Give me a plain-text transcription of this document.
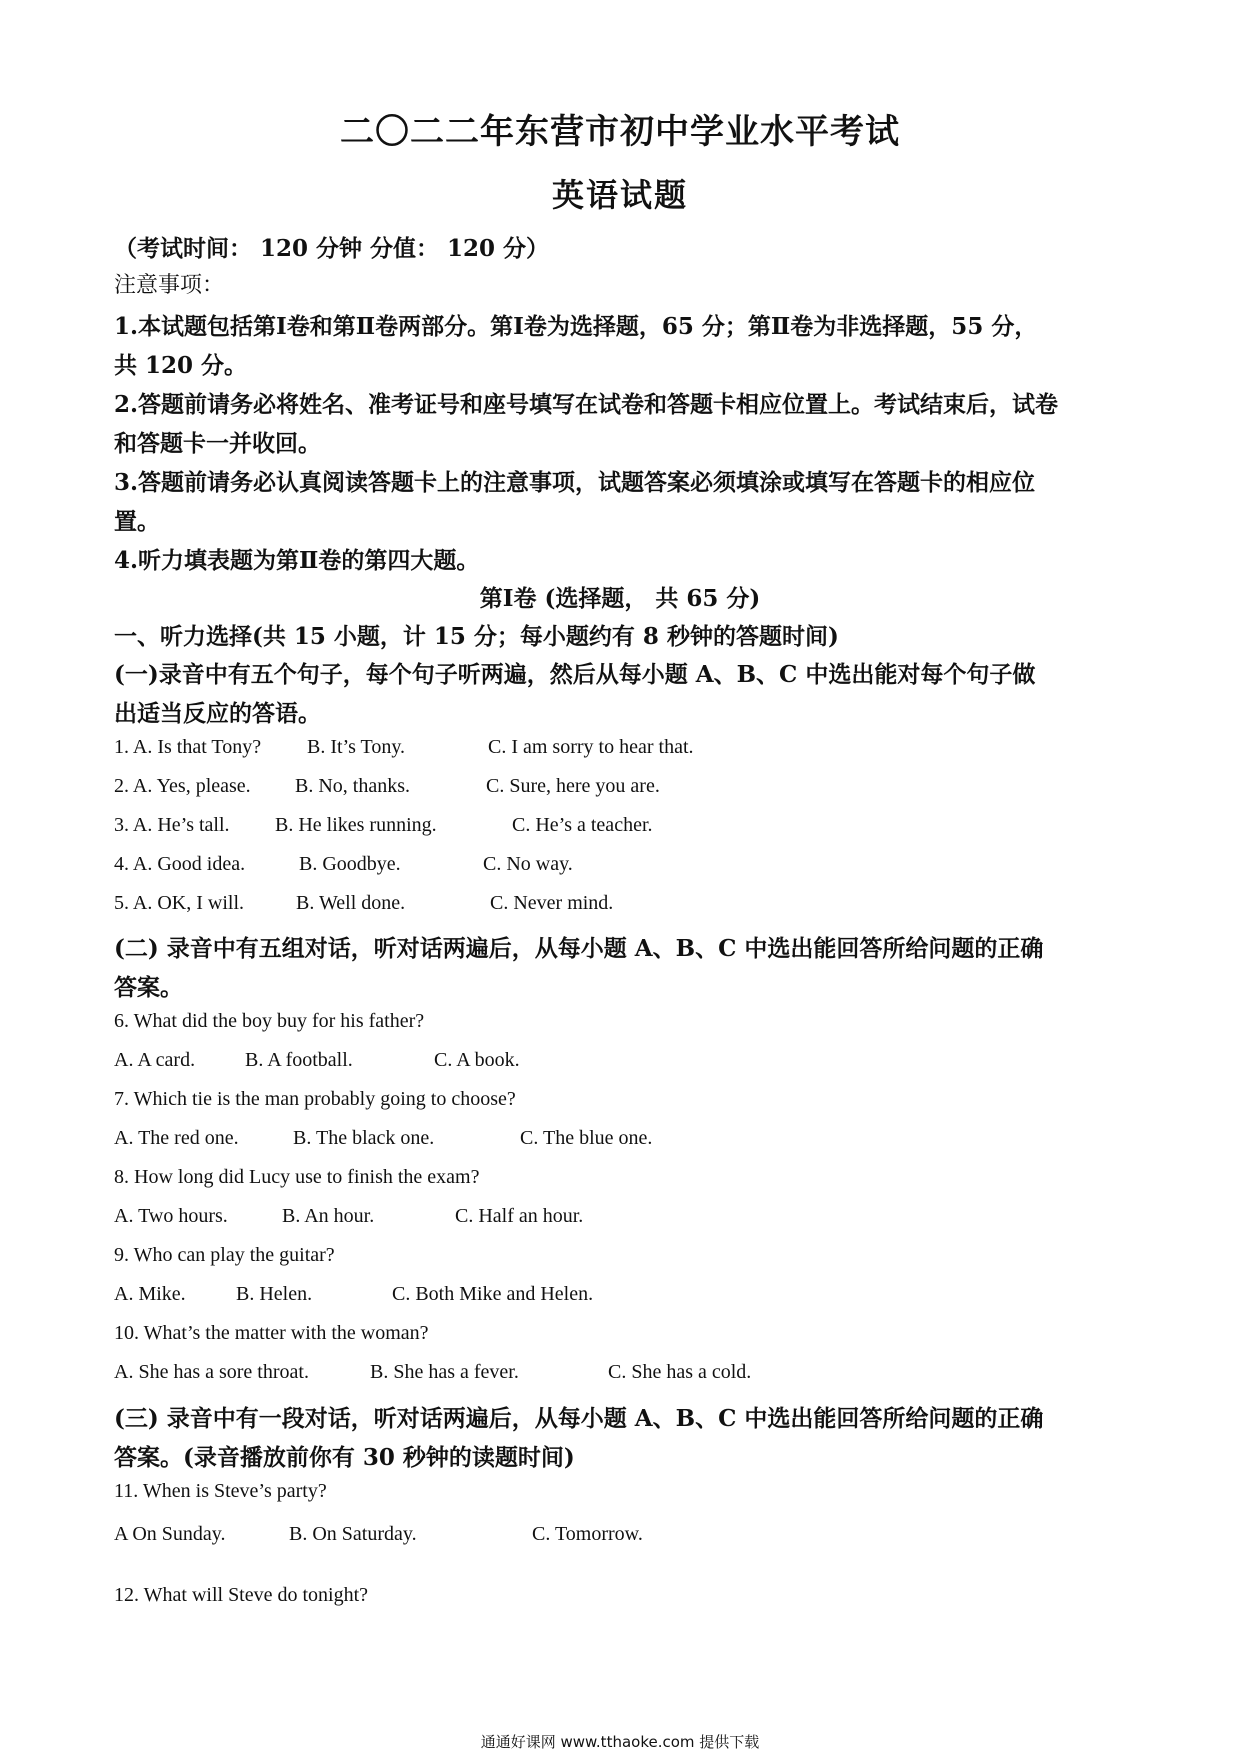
二〇二二年东营市初中学业水平考试
英语试题
（考试时间： 120 分钟 分值： 120 分）
注意事项：
1.本试题包括第Ⅰ卷和第Ⅱ卷两部分。第Ⅰ卷为选择题，65 分；第Ⅱ卷为非选择题，55 分，
共 120 分。
2.答题前请务必将姓名、准考证号和座号填写在试卷和答题卡相应位置上。考试结束后，试卷
和答题卡一并收回。
3.答题前请务必认真阅读答题卡上的注意事项，试题答案必须填涂或填写在答题卡的相应位
置。
4.听力填表题为第Ⅱ卷的第四大题。
第Ⅰ卷 (选择题， 共 65 分)
一、听力选择(共 15 小题，计 15 分；每小题约有 8 秒钟的答题时间)
(一)录音中有五个句子，每个句子听两遍，然后从每小题 A、B、C 中选出能对每个句子做
出适当反应的答语。
1. A. Is that Tony? B. It’s Tony.	C. I am sorry to hear that.
2. A. Yes, please. B. No, thanks.	C. Sure, here you are.
3. A. He’s tall. B. He likes running.	C. He’s a teacher.
4. A. Good idea.	B. Goodbye.	C. No way.
5. A. OK, I will.	B. Well done.	C. Never mind.
(二) 录音中有五组对话，听对话两遍后，从每小题 A、B、C 中选出能回答所给问题的正确
答案。
6. What did the boy buy for his father?
A. A card. B. A football.	C. A book.
7. Which tie is the man probably going to choose?
A. The red one.	B. The black one.	C. The blue one.
8. How long did Lucy use to finish the exam?
A. Two hours.	B. An hour.	C. Half an hour.
9. Who can play the guitar?
A. Mike.	B. Helen.	C. Both Mike and Helen.
10. What’s the matter with the woman?
A. She has a sore throat.	B. She has a fever.	C. She has a cold.
(三) 录音中有一段对话，听对话两遍后，从每小题 A、B、C 中选出能回答所给问题的正确
答案。(录音播放前你有 30 秒钟的读题时间)
11. When is Steve’s party?
A On Sunday.	B. On Saturday.	C. Tomorrow.
12. What will Steve do tonight?
通通好课网 www.tthaoke.com 提供下载
